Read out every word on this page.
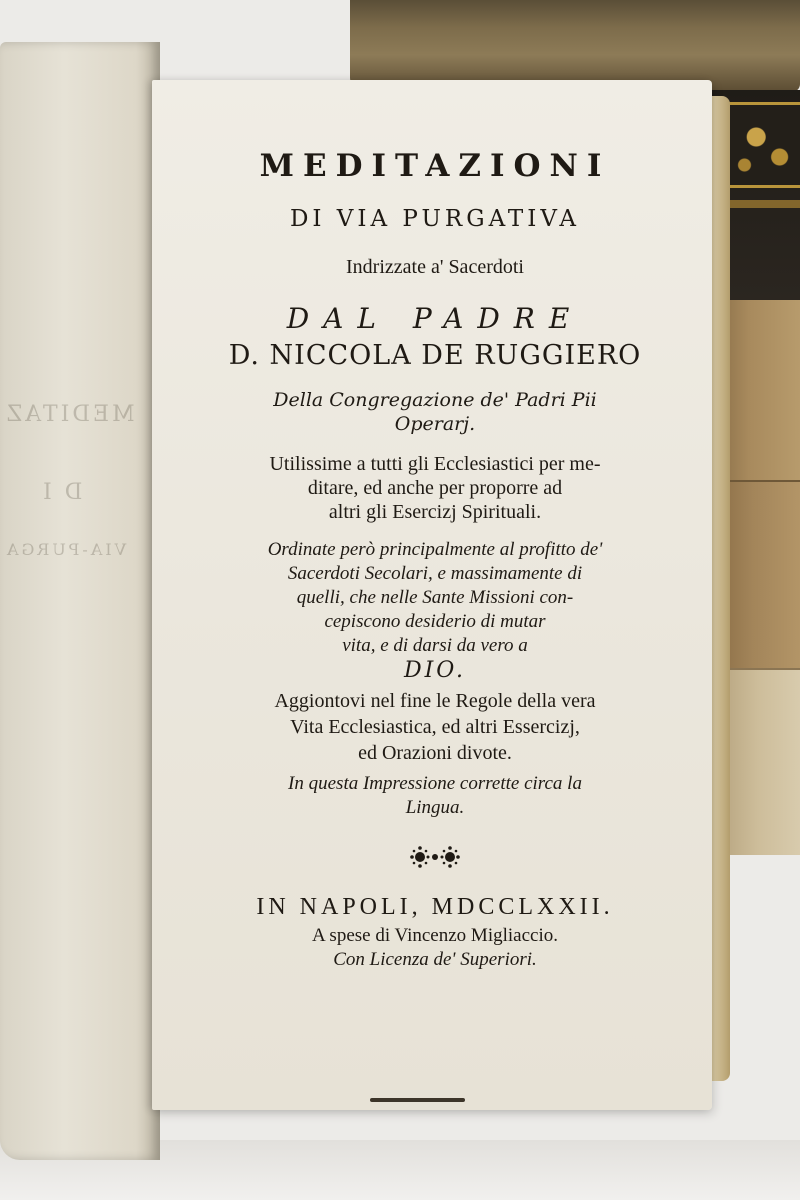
MEDITAZ
D I
VIA-PURGA
MEDITAZIONI
DI VIA PURGATIVA
Indrizzate a' Sacerdoti
DAL PADRE
D. NICCOLA DE RUGGIERO
Della Congregazione de' Padri Pii
Operarj.
Utilissime a tutti gli Ecclesiastici per me-
ditare, ed anche per proporre ad
altri gli Esercizj Spirituali.
Ordinate però principalmente al profitto de'
Sacerdoti Secolari, e massimamente di
quelli, che nelle Sante Missioni con-
cepiscono desiderio di mutar
vita, e di darsi da vero a
DIO.
Aggiontovi nel fine le Regole della vera
Vita Ecclesiastica, ed altri Essercizj,
ed Orazioni divote.
In questa Impressione corrette circa la
Lingua.
IN NAPOLI, MDCCLXXII.
A spese di Vincenzo Migliaccio.
Con Licenza de' Superiori.
